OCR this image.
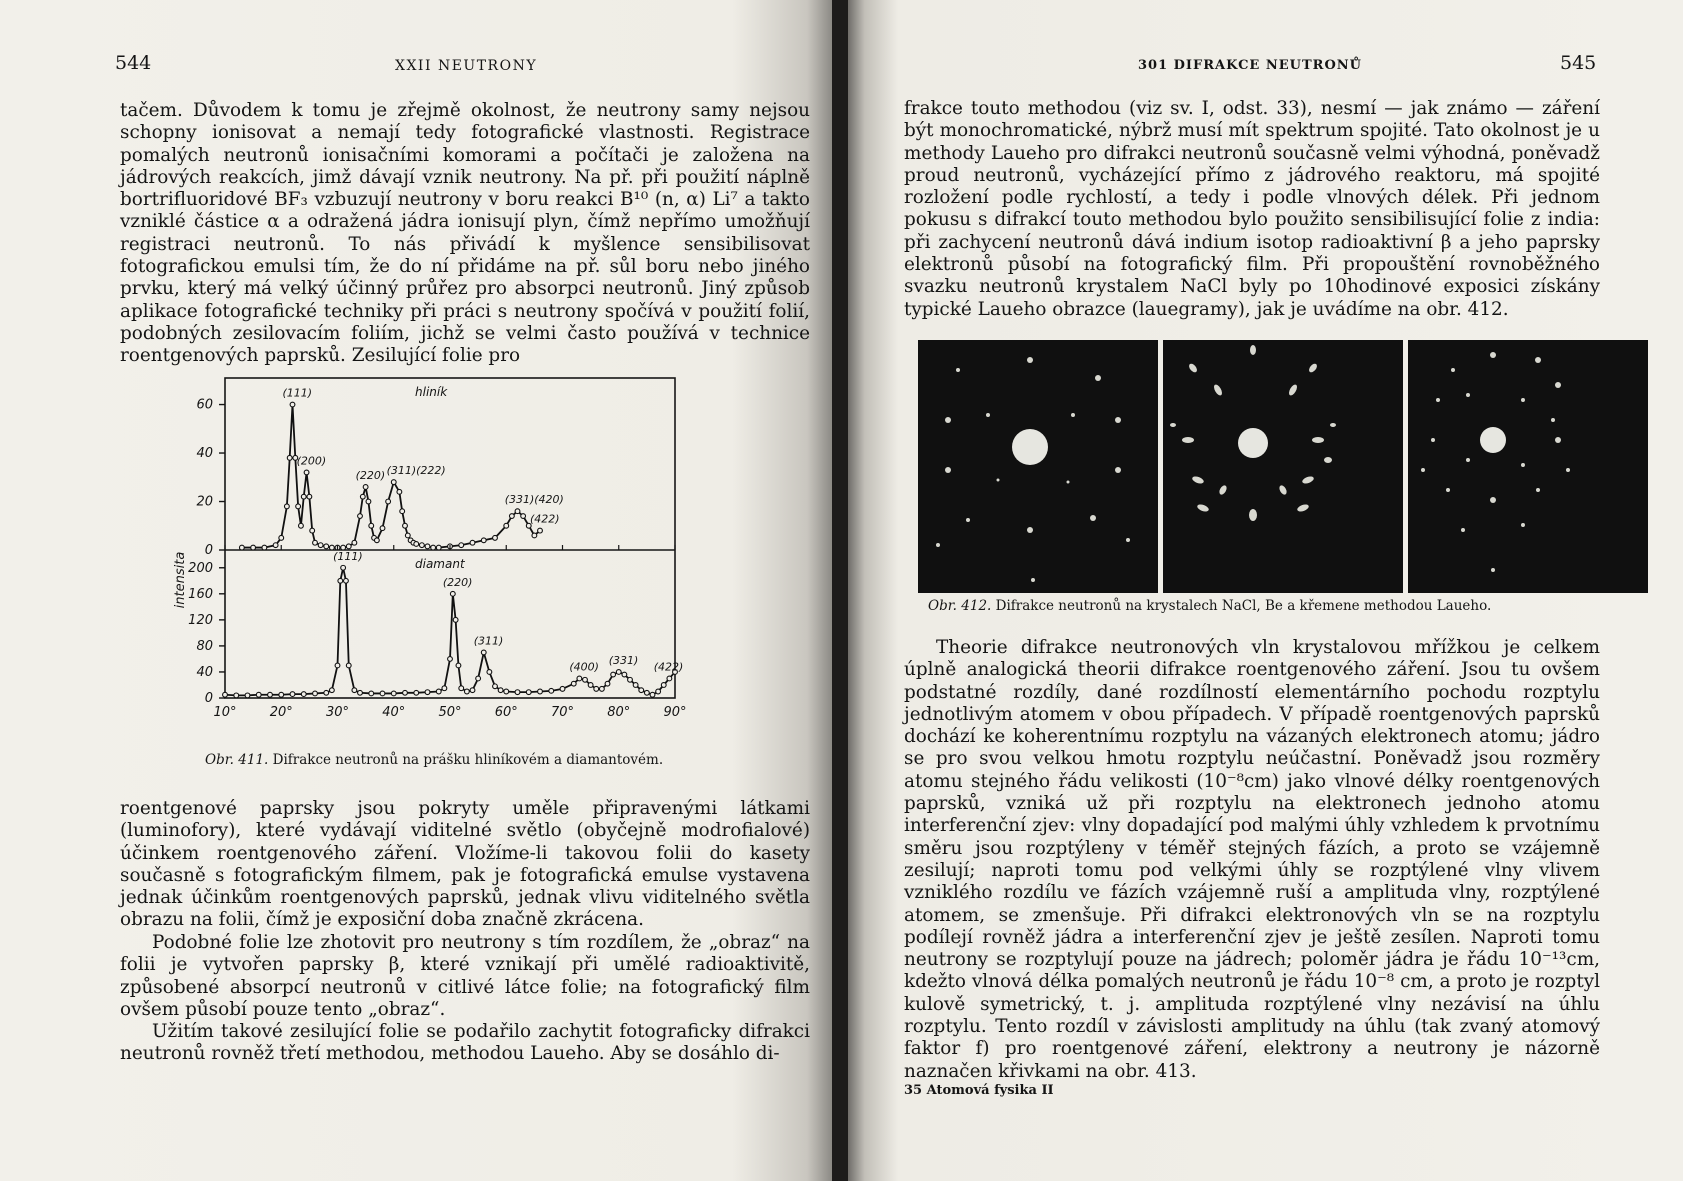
544	XXII NEUTRONY

tačem. Důvodem k tomu je zřejmě okolnost, že neutrony samy nejsou schopny ionisovat a nemají tedy fotografické vlastnosti. Registrace pomalých neutronů ionisačními komorami a počítači je založena na jádrových reakcích, jimž dávají vznik neutrony. Na př. při použití náplně bortrifluoridové BF₃ vzbuzují neutrony v boru reakci B¹⁰ (n, α) Li⁷ a takto vzniklé částice α a odražená jádra ionisují plyn, čímž nepřímo umožňují registraci neutronů. To nás přivádí k myšlence sensibilisovat fotografickou emulsi tím, že do ní přidáme na př. sůl boru nebo jiného prvku, který má velký účinný průřez pro absorpci neutronů. Jiný způsob aplikace fotografické techniky při práci s neutrony spočívá v použití folií, podobných zesilovacím foliím, jichž se velmi často používá v technice roentgenových paprsků. Zesilující folie pro

0
20
40
60
(111)
(200)
(220) (311)(222)
(331)(420)
(422)
hliník
0
40
80
120
160
200
(111)
(220)
(311)
(400)
(331)
(422)
diamant
10°	20°	30°	40°	50°	60°	70°	80°	90°
intensita
Obr. 411. Difrakce neutronů na prášku hliníkovém a diamantovém.

roentgenové paprsky jsou pokryty uměle připravenými látkami (luminofory), které vydávají viditelné světlo (obyčejně modrofialové) účinkem roentgenového záření. Vložíme-li takovou folii do kasety současně s fotografickým filmem, pak je fotografická emulse vystavena jednak účinkům roentgenových paprsků, jednak vlivu viditelného světla obrazu na folii, čímž je exposiční doba značně zkrácena.

Podobné folie lze zhotovit pro neutrony s tím rozdílem, že „obraz“ na folii je vytvořen paprsky β, které vznikají při umělé radioaktivitě, způsobené absorpcí neutronů v citlivé látce folie; na fotografický film ovšem působí pouze tento „obraz“.

Užitím takové zesilující folie se podařilo zachytit fotograficky difrakci neutronů rovněž třetí methodou, methodou Laueho. Aby se dosáhlo di-

301 DIFRAKCE NEUTRONŮ	545

frakce touto methodou (viz sv. I, odst. 33), nesmí — jak známo — záření být monochromatické, nýbrž musí mít spektrum spojité. Tato okolnost je u methody Laueho pro difrakci neutronů současně velmi výhodná, poněvadž proud neutronů, vycházející přímo z jádrového reaktoru, má spojité rozložení podle rychlostí, a tedy i podle vlnových délek. Při jednom pokusu s difrakcí touto methodou bylo použito sensibilisující folie z india: při zachycení neutronů dává indium isotop radioaktivní β a jeho paprsky elektronů působí na fotografický film. Při propouštění rovnoběžného svazku neutronů krystalem NaCl byly po 10hodinové exposici získány typické Laueho obrazce (lauegramy), jak je uvádíme na obr. 412.

Obr. 412. Difrakce neutronů na krystalech NaCl, Be a křemene methodou Laueho.

Theorie difrakce neutronových vln krystalovou mřížkou je celkem úplně analogická theorii difrakce roentgenového záření. Jsou tu ovšem podstatné rozdíly, dané rozdílností elementárního pochodu rozptylu jednotlivým atomem v obou případech. V případě roentgenových paprsků dochází ke koherentnímu rozptylu na vázaných elektronech atomu; jádro se pro svou velkou hmotu rozptylu neúčastní. Poněvadž jsou rozměry atomu stejného řádu velikosti (10⁻⁸cm) jako vlnové délky roentgenových paprsků, vzniká už při rozptylu na elektronech jednoho atomu interferenční zjev: vlny dopadající pod malými úhly vzhledem k prvotnímu směru jsou rozptýleny v téměř stejných fázích, a proto se vzájemně zesilují; naproti tomu pod velkými úhly se rozptýlené vlny vlivem vzniklého rozdílu ve fázích vzájemně ruší a amplituda vlny, rozptýlené atomem, se zmenšuje. Při difrakci elektronových vln se na rozptylu podílejí rovněž jádra a interferenční zjev je ještě zesílen. Naproti tomu neutrony se rozptylují pouze na jádrech; poloměr jádra je řádu 10⁻¹³cm, kdežto vlnová délka pomalých neutronů je řádu 10⁻⁸ cm, a proto je rozptyl kulově symetrický, t. j. amplituda rozptýlené vlny nezávisí na úhlu rozptylu. Tento rozdíl v závislosti amplitudy na úhlu (tak zvaný atomový faktor f) pro roentgenové záření, elektrony a neutrony je názorně naznačen křivkami na obr. 413.

35 Atomová fysika II
